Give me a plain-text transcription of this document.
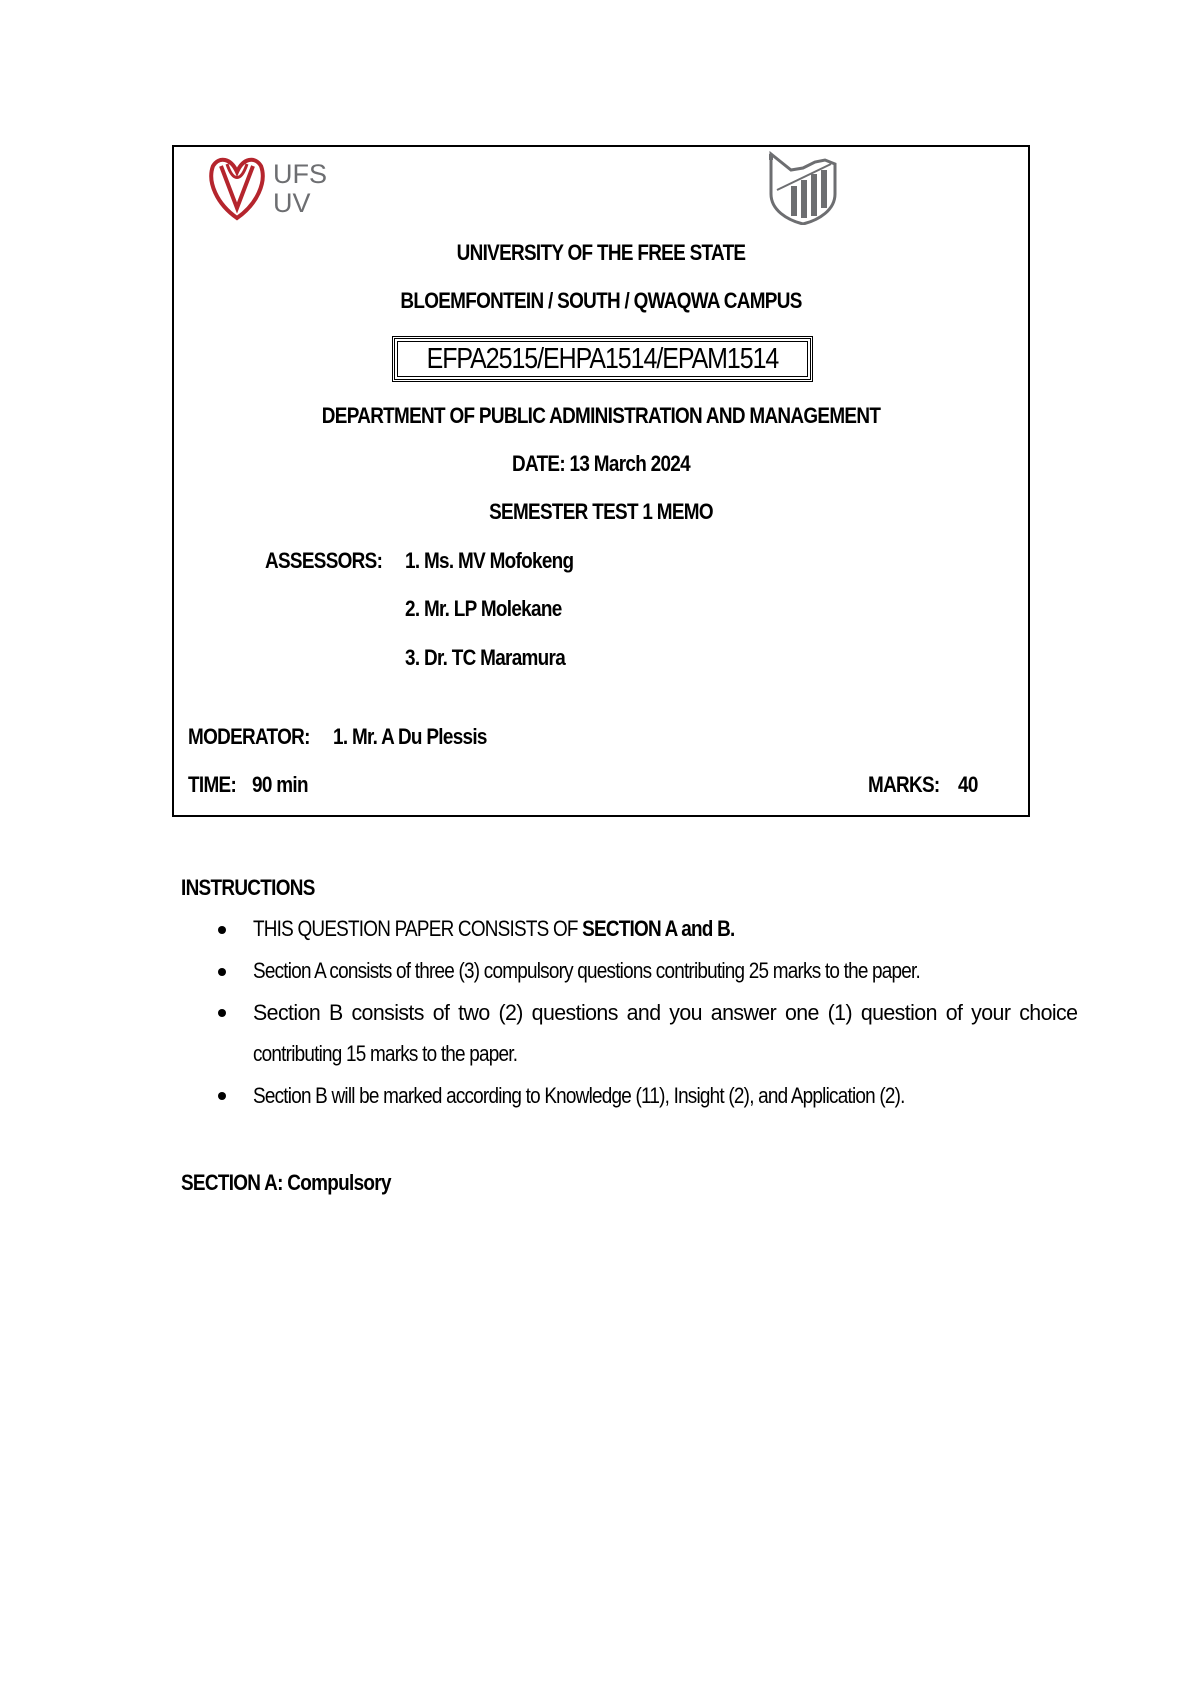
UFS
UV
UNIVERSITY OF THE FREE STATE
BLOEMFONTEIN / SOUTH / QWAQWA CAMPUS
EFPA2515/EHPA1514/EPAM1514
DEPARTMENT OF PUBLIC ADMINISTRATION AND MANAGEMENT
DATE: 13 March 2024
SEMESTER TEST 1 MEMO
ASSESSORS: 1. Ms. MV Mofokeng
2. Mr. LP Molekane
3. Dr. TC Maramura
MODERATOR: 1. Mr. A Du Plessis
TIME: 90 min	MARKS: 40
INSTRUCTIONS
THIS QUESTION PAPER CONSISTS OF SECTION A and B.
Section A consists of three (3) compulsory questions contributing 25 marks to the paper.
Section B consists of two (2) questions and you answer one (1) question of your choice
contributing 15 marks to the paper.
Section B will be marked according to Knowledge (11), Insight (2), and Application (2).
SECTION A: Compulsory
